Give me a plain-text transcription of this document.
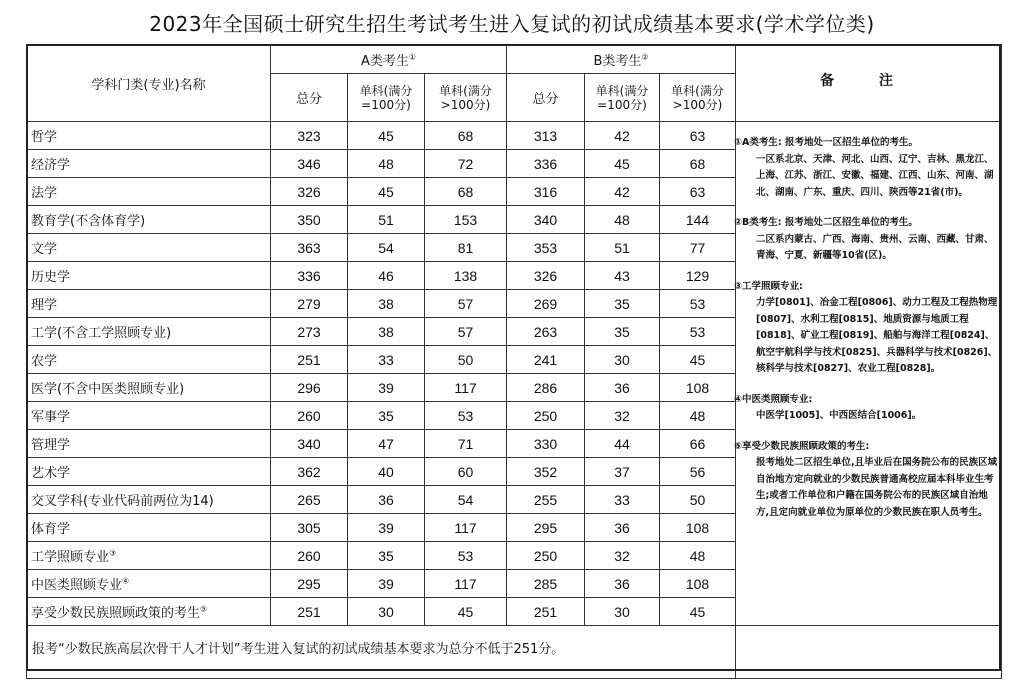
2023年全国硕士研究生招生考试考生进入复试的初试成绩基本要求(学术学位类)
学科门类(专业)名称	A类考生①			B类考生②	
	总分	单科(满分=100分)	单科(满分>100分)	总分	单科(满分=100分)	单科(满分>100分)	
哲学	323	45	68	313	42	63	
经济学	346	48	72	336	45	68	
法学	326	45	68	316	42	63	
教育学(不含体育学)	350	51	153	340	48	144	
文学	363	54	81	353	51	77	
历史学	336	46	138	326	43	129	
理学	279	38	57	269	35	53	
工学(不含工学照顾专业)	273	38	57	263	35	53	
农学	251	33	50	241	30	45	
医学(不含中医类照顾专业)	296	39	117	286	36	108	
军事学	260	35	53	250	32	48	
管理学	340	47	71	330	44	66	
艺术学	362	40	60	352	37	56	
交叉学科(专业代码前两位为14)	265	36	54	255	33	50	
体育学	305	39	117	295	36	108	
工学照顾专业③	260	35	53	250	32	48	
中医类照顾专业④	295	39	117	285	36	108	
享受少数民族照顾政策的考生⑤	251	30	45	251	30	45	

备 注
①A类考生: 报考地处一区招生单位的考生。
一区系北京、天津、河北、山西、辽宁、吉林、黑龙江、上海、江苏、浙江、安徽、福建、江西、山东、河南、湖北、湖南、广东、重庆、四川、陕西等21省(市)。
②B类考生: 报考地处二区招生单位的考生。
二区系内蒙古、广西、海南、贵州、云南、西藏、甘肃、青海、宁夏、新疆等10省(区)。
③工学照顾专业:
力学[0801]、冶金工程[0806]、动力工程及工程热物理[0807]、水利工程[0815]、地质资源与地质工程[0818]、矿业工程[0819]、船舶与海洋工程[0824]、航空宇航科学与技术[0825]、兵器科学与技术[0826]、核科学与技术[0827]、农业工程[0828]。
④中医类照顾专业:
中医学[1005]、中西医结合[1006]。
⑤享受少数民族照顾政策的考生:
报考地处二区招生单位,且毕业后在国务院公布的民族区域自治地方定向就业的少数民族普通高校应届本科毕业生考生;或者工作单位和户籍在国务院公布的民族区域自治地方,且定向就业单位为原单位的少数民族在职人员考生。
报考“少数民族高层次骨干人才计划”考生进入复试的初试成绩基本要求为总分不低于251分。
